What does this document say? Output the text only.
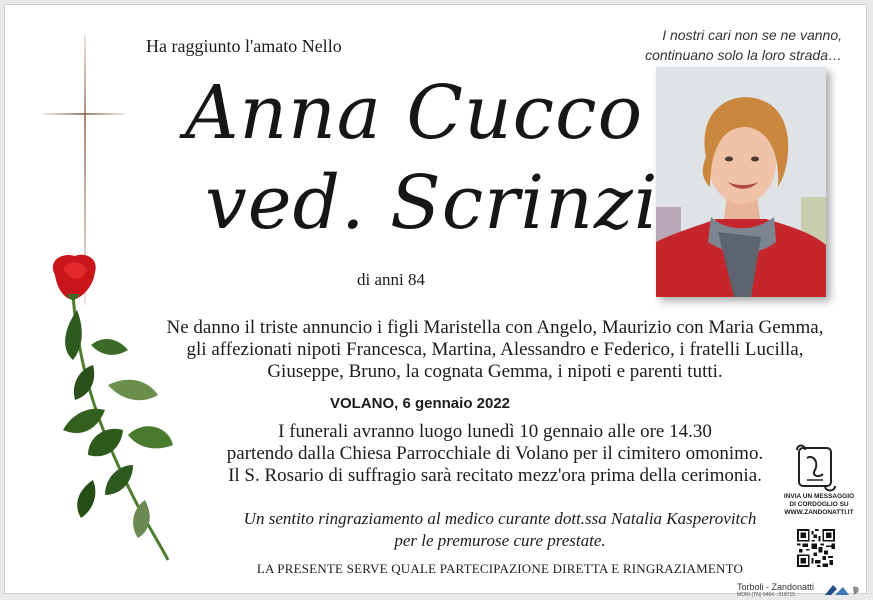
Ha raggiunto l'amato Nello
I nostri cari non se ne vanno,
continuano solo la loro strada…
Anna Cucco
ved. Scrinzi
di anni 84
Ne danno il triste annuncio i figli Maristella con Angelo, Maurizio con Maria Gemma,
gli affezionati nipoti Francesca, Martina, Alessandro e Federico, i fratelli Lucilla,
Giuseppe, Bruno, la cognata Gemma, i nipoti e parenti tutti.
VOLANO, 6 gennaio 2022
I funerali avranno luogo lunedì 10 gennaio alle ore 14.30
partendo dalla Chiesa Parrocchiale di Volano per il cimitero omonimo.
Il S. Rosario di suffragio sarà recitato mezz'ora prima della cerimonia.
Un sentito ringraziamento al medico curante dott.ssa Natalia Kasperovitch
per le premurose cure prestate.
LA PRESENTE SERVE QUALE PARTECIPAZIONE DIRETTA E RINGRAZIAMENTO
INVIA UN MESSAGGIO
DI CORDOGLIO SU
WWW.ZANDONATTI.IT
Torboli - Zandonatti
MORI (TN) 0464 - 918715
